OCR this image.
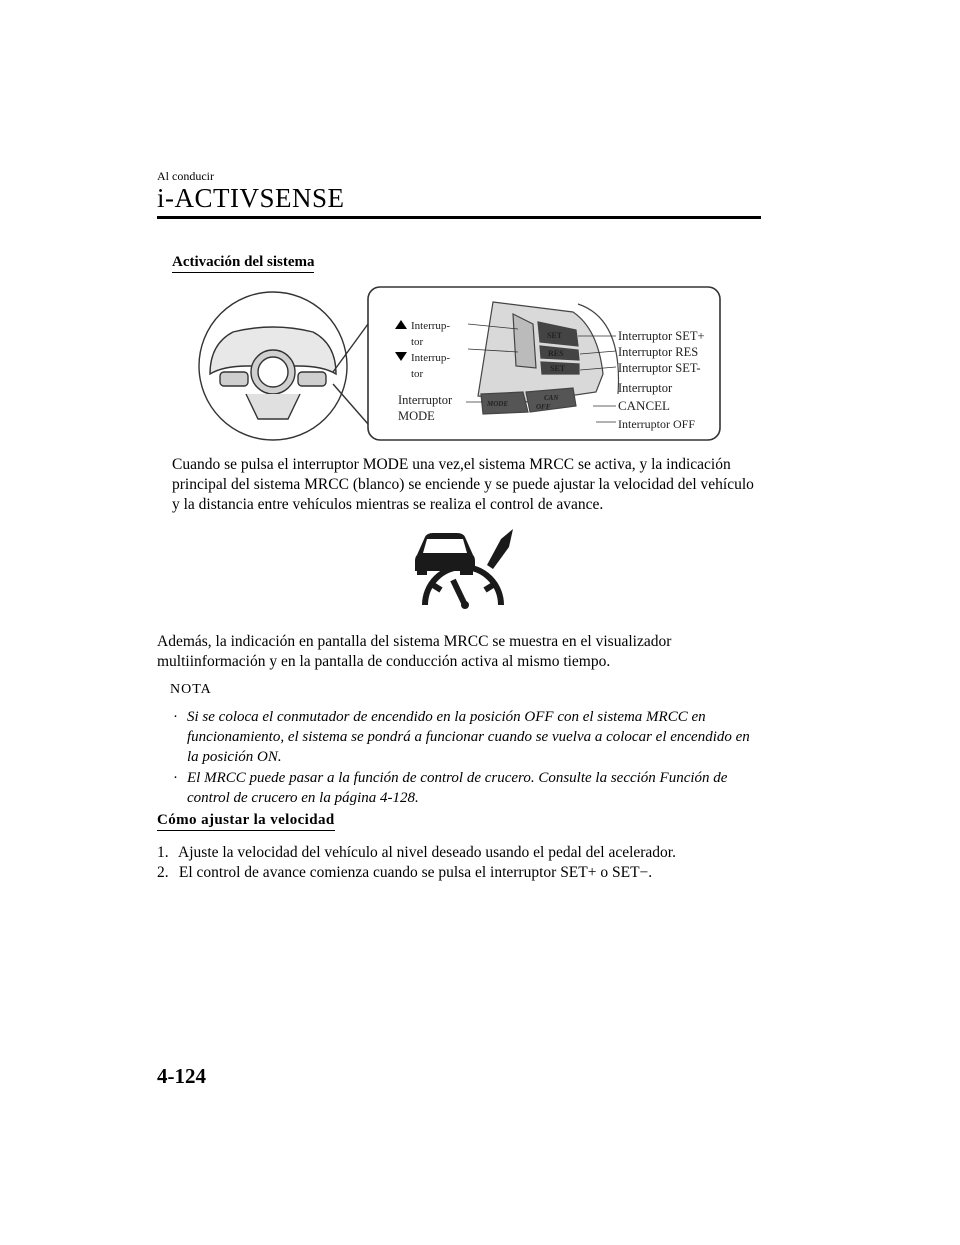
Al conducir
i-ACTIVSENSE
Activación del sistema
SET
RES
SET
MODE
CAN
OFF
Interrup-
tor
Interrup-
tor
Interruptor
MODE
Interruptor SET+
Interruptor RES
Interruptor SET-
Interruptor
CANCEL
Interruptor OFF
Cuando se pulsa el interruptor MODE una vez,el sistema MRCC se activa, y la indicación principal del sistema MRCC (blanco) se enciende y se puede ajustar la velocidad del vehículo y la distancia entre vehículos mientras se realiza el control de avance.
Además, la indicación en pantalla del sistema MRCC se muestra en el visualizador multiinformación y en la pantalla de conducción activa al mismo tiempo.
NOTA
· Si se coloca el conmutador de encendido en la posición OFF con el sistema MRCC en funcionamiento, el sistema se pondrá a funcionar cuando se vuelva a colocar el encendido en la posición ON.
· El MRCC puede pasar a la función de control de crucero. Consulte la sección Función de control de crucero en la página 4-128.
Cómo ajustar la velocidad
1. Ajuste la velocidad del vehículo al nivel deseado usando el pedal del acelerador.
2. El control de avance comienza cuando se pulsa el interruptor SET+ o SET−.
4-124
